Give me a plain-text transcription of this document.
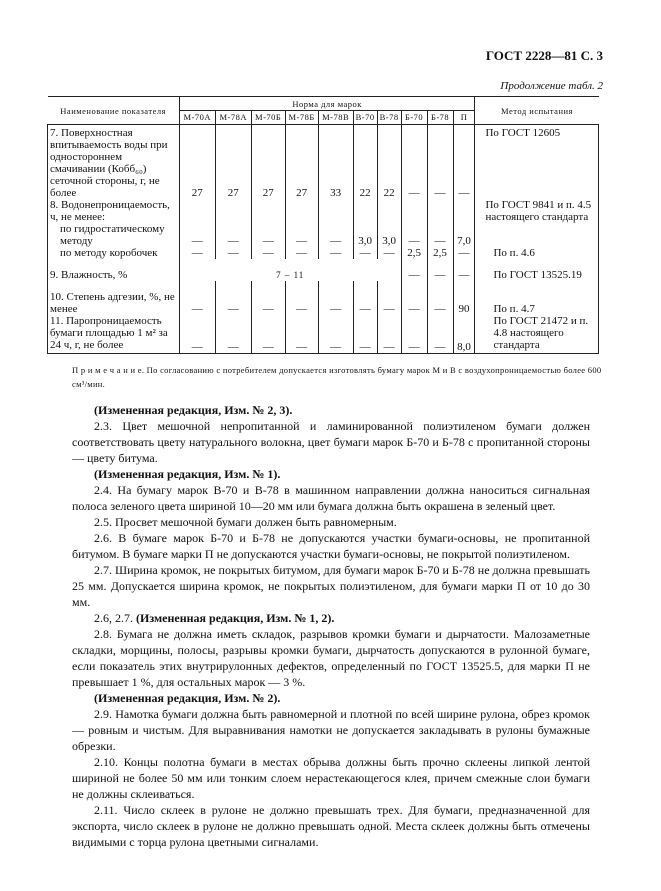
ГОСТ 2228—81 С. 3
Продолжение табл. 2
Наименование показателя	Норма для марок										Метод испытания
	М-70А	М-78А	М-70Б	М-78Б	М-78В	В-70	В-78	Б-70	Б-78	П	
7. Поверхностная впитываемость воды при одностороннем смачивании (Кобб₆₀) сеточной стороны, г, не более	27	27	27	27	33	22	22	—	—	—	По ГОСТ 12605
8. Водонепроницаемость, ч, не менее:											По ГОСТ 9841 и п. 4.5 настоящего стандарта
по гидростатическому методу	—	—	—	—	—	3,0	3,0	—	—	7,0	
по методу коробочек	—	—	—	—	—	—	—	2,5	2,5	—	По п. 4.6
9. Влажность, %	7 – 11							—	—	—	По ГОСТ 13525.19
10. Степень адгезии, %, не менее	—	—	—	—	—	—	—	—	—	90	По п. 4.7
11. Паропроницаемость бумаги площадью 1 м² за 24 ч, г, не более	—	—	—	—	—	—	—	—	—	8,0	По ГОСТ 21472 и п. 4.8 настоящего стандарта
П р и м е ч а н и е. По согласованию с потребителем допускается изготовлять бумагу марок М и В с воздухопроницаемостью более 600 см³/мин.

(Измененная редакция, Изм. № 2, 3).

2.3. Цвет мешочной непропитанной и ламинированной полиэтиленом бумаги должен соответствовать цвету натурального волокна, цвет бумаги марок Б-70 и Б-78 с пропитанной стороны — цвету битума.

(Измененная редакция, Изм. № 1).

2.4. На бумагу марок В-70 и В-78 в машинном направлении должна наноситься сигнальная полоса зеленого цвета шириной 10—20 мм или бумага должна быть окрашена в зеленый цвет.

2.5. Просвет мешочной бумаги должен быть равномерным.

2.6. В бумаге марок Б-70 и Б-78 не допускаются участки бумаги-основы, не пропитанной битумом. В бумаге марки П не допускаются участки бумаги-основы, не покрытой полиэтиленом.

2.7. Ширина кромок, не покрытых битумом, для бумаги марок Б-70 и Б-78 не должна превышать 25 мм. Допускается ширина кромок, не покрытых полиэтиленом, для бумаги марки П от 10 до 30 мм.

2.6, 2.7. (Измененная редакция, Изм. № 1, 2).

2.8. Бумага не должна иметь складок, разрывов кромки бумаги и дырчатости. Малозаметные складки, морщины, полосы, разрывы кромки бумаги, дырчатость допускаются в рулонной бумаге, если показатель этих внутрирулонных дефектов, определенный по ГОСТ 13525.5, для марки П не превышает 1 %, для остальных марок — 3 %.

(Измененная редакция, Изм. № 2).

2.9. Намотка бумаги должна быть равномерной и плотной по всей ширине рулона, обрез кромок — ровным и чистым. Для выравнивания намотки не допускается закладывать в рулоны бумажные обрезки.

2.10. Концы полотна бумаги в местах обрыва должны быть прочно склеены липкой лентой шириной не более 50 мм или тонким слоем нерастекающегося клея, причем смежные слои бумаги не должны склеиваться.

2.11. Число склеек в рулоне не должно превышать трех. Для бумаги, предназначенной для экспорта, число склеек в рулоне не должно превышать одной. Места склеек должны быть отмечены видимыми с торца рулона цветными сигналами.
